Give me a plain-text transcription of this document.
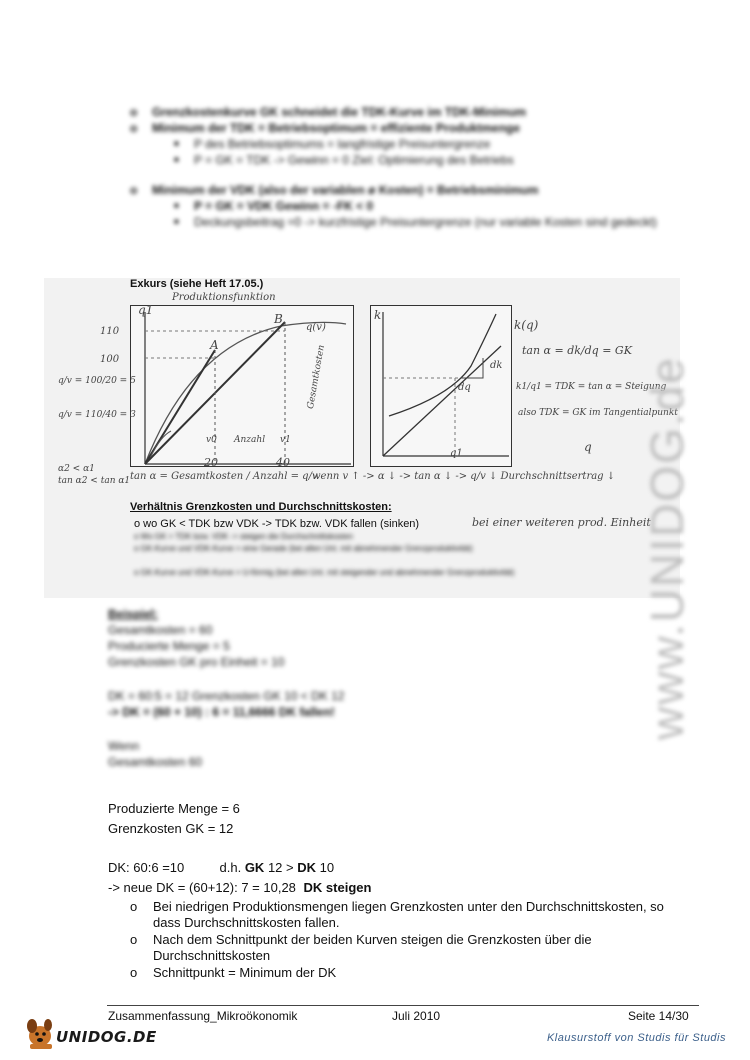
o Grenzkostenkurve GK schneidet die TDK-Kurve im TDK-Minimum
o Minimum der TDK = Betriebsoptimum = effiziente Produktmenge
■ P des Betriebsoptimums = langfristige Preisuntergrenze
■ P = GK = TDK -> Gewinn = 0 Ziel: Optimierung des Betriebs
o Minimum der VDK (also der variablen ø Kosten) = Betriebsminimum
■ P = GK = VDK Gewinn = -FK < 0
■ Deckungsbeitrag =0 -> kurzfristige Preisuntergrenze (nur variable Kosten sind gedeckt)
Exkurs (siehe Heft 17.05.)
Produktionsfunktion
q1
110
100
q/v = 100/20 = 5
q/v = 110/40 = 3
A
B
q(v)
v0	v1
Anzahl
20	40
Gesamtkosten
tan α = Gesamtkosten / Anzahl = q/v
wenn v ↑ -> α ↓ -> tan α ↓ -> q/v ↓ Durchschnittsertrag ↓
α2 < α1
tan α2 < tan α1
k
k(q)
dk
dq
tan α = dk/dq = GK
k1/q1 = TDK = tan α = Steigung
also TDK = GK im Tangentialpunkt
q1	q
Verhältnis Grenzkosten und Durchschnittskosten:
o wo GK < TDK bzw VDK -> TDK bzw. VDK fallen (sinken)	bei einer weiteren prod. Einheit
o Wo GK > TDK bzw. VDK -> steigen die Durchschnittskosten
o GK-Kurve und VDK-Kurve = eine Gerade (bei allen Unt. mit abnehmender Grenzproduktivität)
o GK-Kurve und VDK-Kurve = U-förmig (bei allen Unt. mit steigender und abnehmender Grenzproduktivität)	www.UNIDOG.de
Beispiel:
Gesamtkosten = 60
Producierte Menge = 5
Grenzkosten GK pro Einheit = 10
DK = 60:5 = 12 Grenzkosten GK 10 < DK 12
-> DK = (60 + 10) : 6 = 11,6666 DK fallen!
Wenn
Gesamtkosten 60
Produzierte Menge = 6
Grenzkosten GK = 12
DK: 60:6 =10	d.h. GK 12 > DK 10
-> neue DK = (60+12): 7 = 10,28 DK steigen
o Bei niedrigen Produktionsmengen liegen Grenzkosten unter den Durchschnittskosten, so dass Durchschnittskosten fallen.
o Nach dem Schnittpunkt der beiden Kurven steigen die Grenzkosten über die Durchschnittskosten
o Schnittpunkt = Minimum der DK
Zusammenfassung_Mikroökonomik	Juli 2010	Seite 14/30
UNIDOG.DE	Klausurstoff von Studis für Studis
